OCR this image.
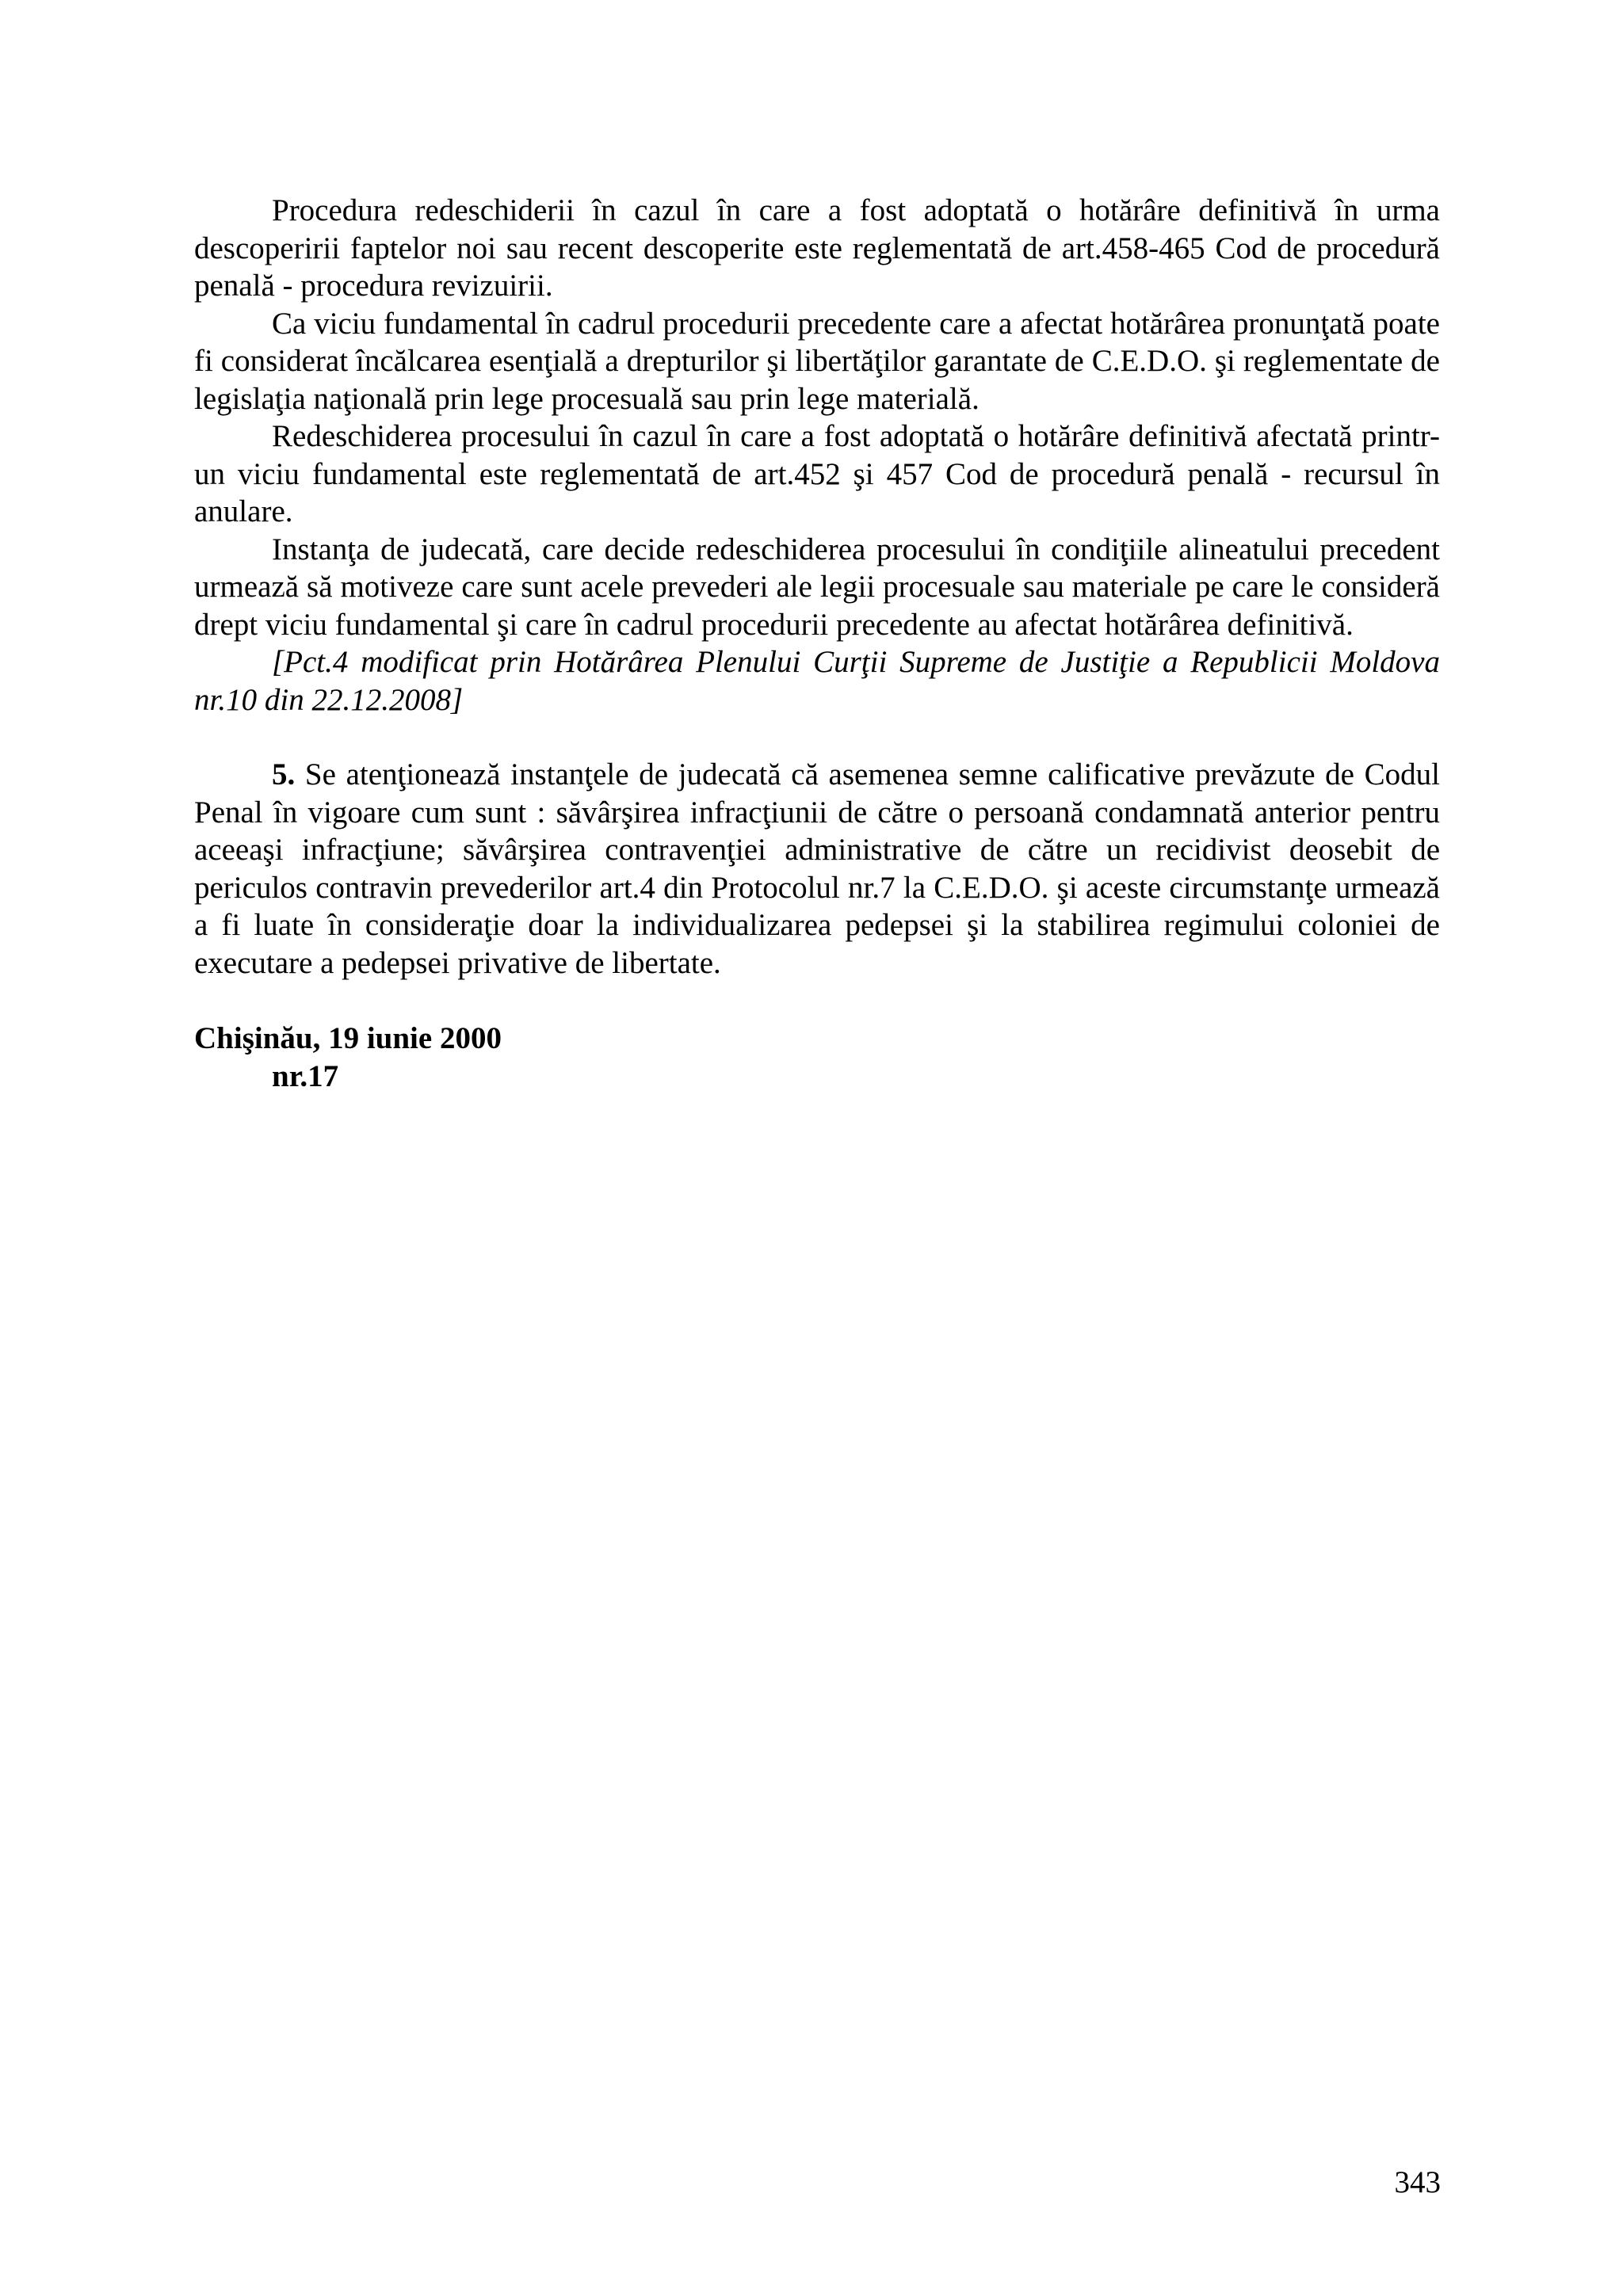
Procedura redeschiderii în cazul în care a fost adoptată o hotărâre definitivă în urma descoperirii faptelor noi sau recent descoperite este reglementată de art.458-465 Cod de procedură penală - procedura revizuirii.

Ca viciu fundamental în cadrul procedurii precedente care a afectat hotărârea pronunţată poate fi considerat încălcarea esenţială a drepturilor şi libertăţilor garantate de C.E.D.O. şi reglementate de legislaţia naţională prin lege procesuală sau prin lege materială.

Redeschiderea procesului în cazul în care a fost adoptată o hotărâre definitivă afectată printr-un viciu fundamental este reglementată de art.452 şi 457 Cod de procedură penală - recursul în anulare.

Instanţa de judecată, care decide redeschiderea procesului în condiţiile alineatului precedent urmează să motiveze care sunt acele prevederi ale legii procesuale sau materiale pe care le consideră drept viciu fundamental şi care în cadrul procedurii precedente au afectat hotărârea definitivă.

[Pct.4 modificat prin Hotărârea Plenului Curţii Supreme de Justiţie a Republicii Moldova nr.10 din 22.12.2008]

5. Se atenţionează instanţele de judecată că asemenea semne calificative prevăzute de Codul Penal în vigoare cum sunt : săvârşirea infracţiunii de către o persoană condamnată anterior pentru aceeaşi infracţiune; săvârşirea contravenţiei administrative de către un recidivist deosebit de periculos contravin prevederilor art.4 din Protocolul nr.7 la C.E.D.O. şi aceste circumstanţe urmează a fi luate în consideraţie doar la individualizarea pedepsei şi la stabilirea regimului coloniei de executare a pedepsei privative de libertate.

Chişinău, 19 iunie 2000
nr.17
343
